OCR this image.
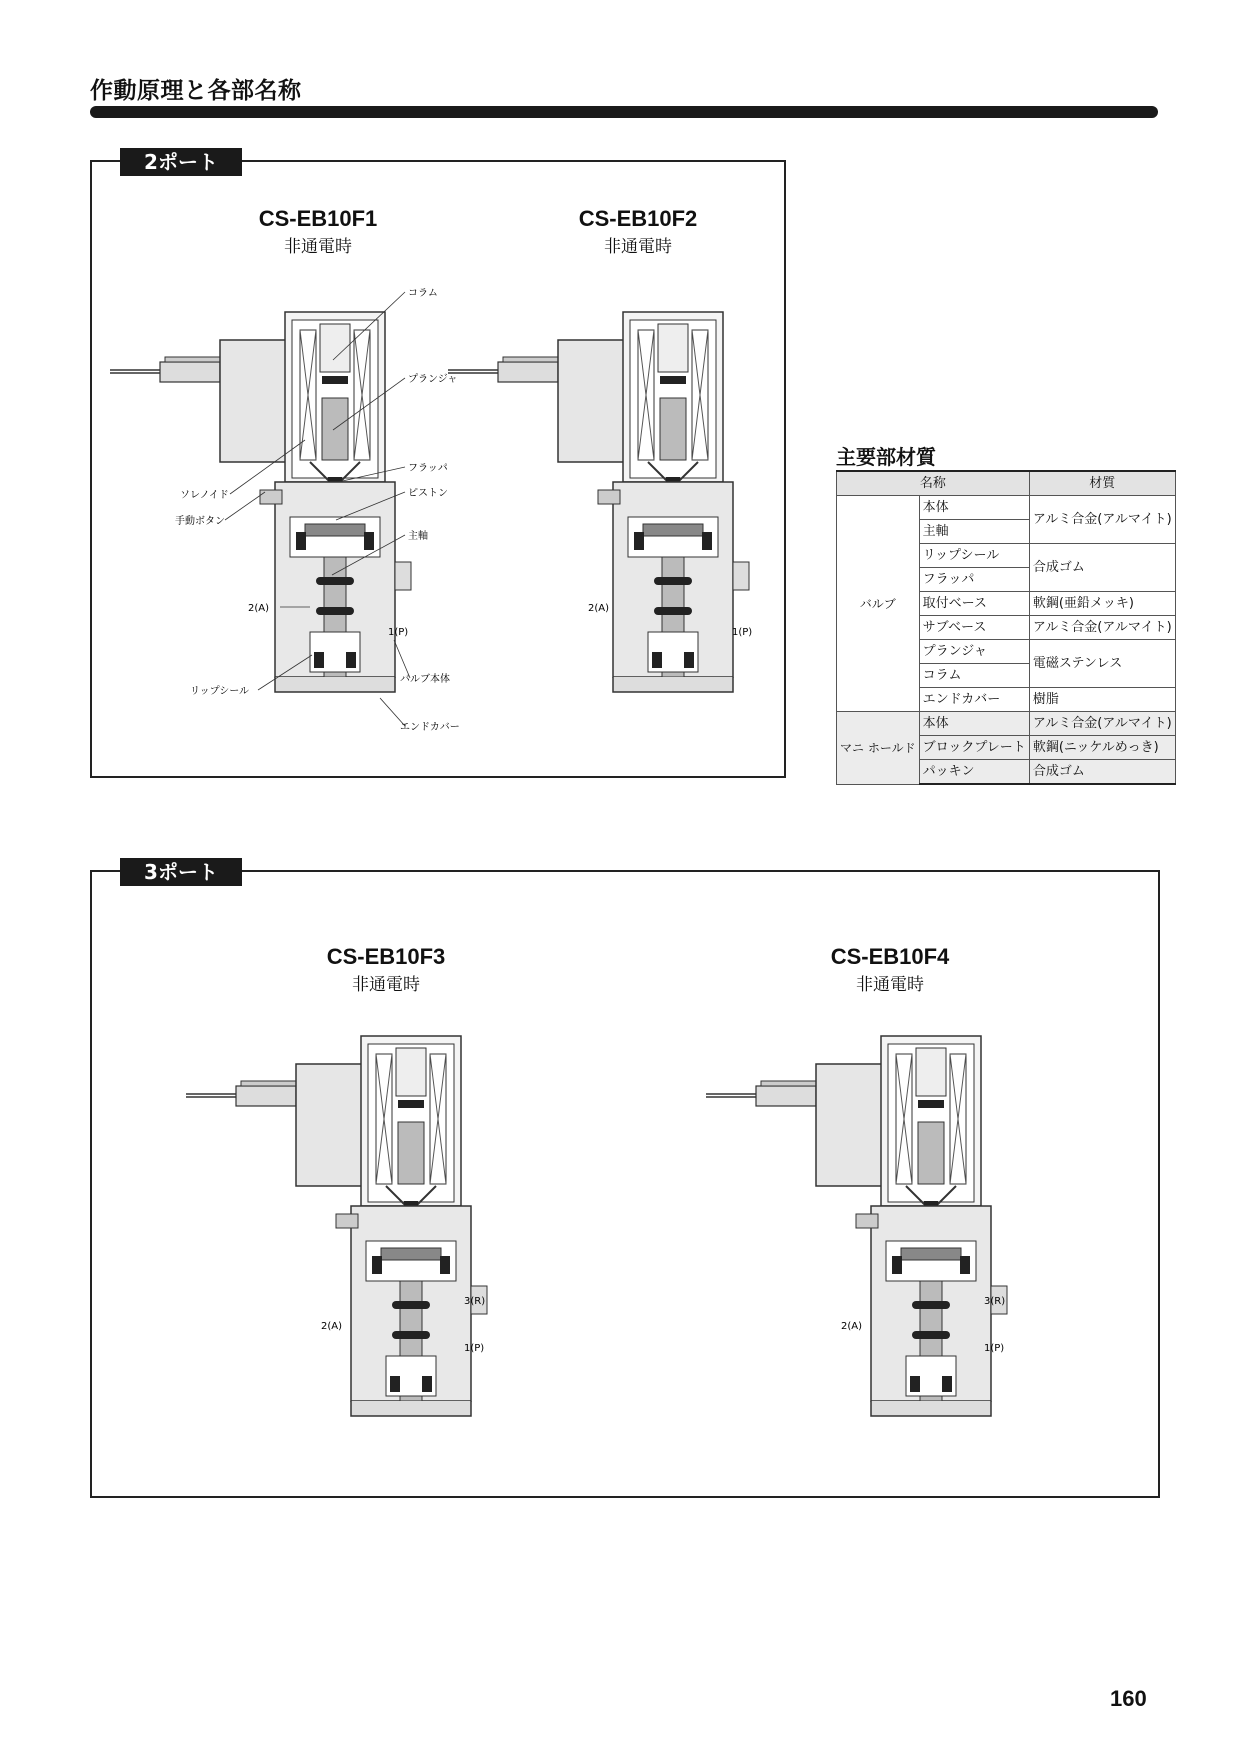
作動原理と各部名称
2ポート
CS-EB10F1
非通電時
CS-EB10F2
非通電時
コラム
プランジャ
フラッパ
ピストン
主軸
ソレノイド
手動ボタン
2(A)
1(P)
リップシール
バルブ本体
エンドカバー
2(A)
1(P)
主要部材質
名称		材質
バルブ	本体	アルミ合金(アルマイト)
	主軸	
	リップシール	合成ゴム
	フラッパ	
	取付ベース	軟鋼(亜鉛メッキ)
	サブベース	アルミ合金(アルマイト)
	プランジャ	電磁ステンレス
	コラム	
	エンドカバー	樹脂
マニ ホールド	本体	アルミ合金(アルマイト)
	ブロックプレート	軟鋼(ニッケルめっき)
	パッキン	合成ゴム
3ポート
CS-EB10F3
非通電時
CS-EB10F4
非通電時
3(R)
2(A)
1(P)
3(R)
2(A)
1(P)
160
